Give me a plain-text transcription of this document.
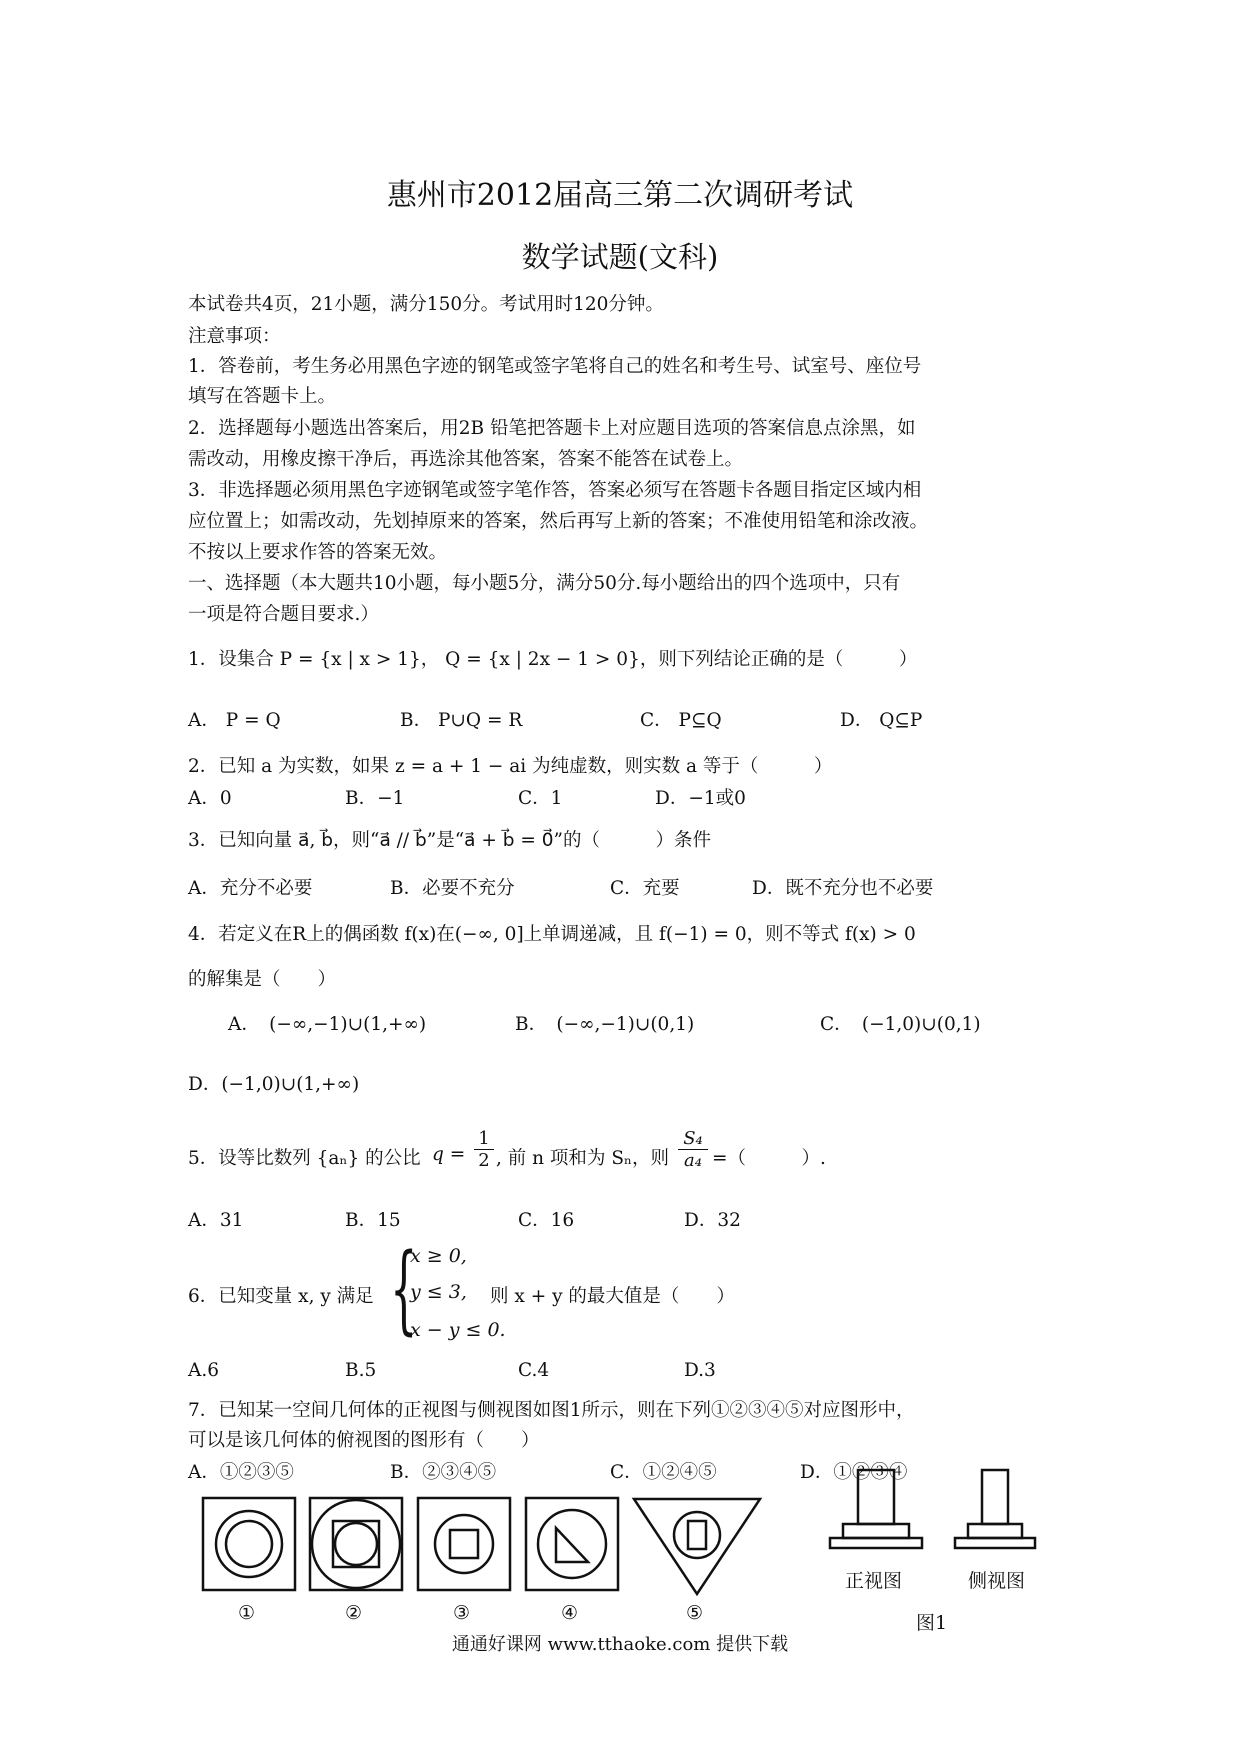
惠州市2012届高三第二次调研考试
数学试题(文科)
本试卷共4页，21小题，满分150分。考试用时120分钟。
注意事项：
1．答卷前，考生务必用黑色字迹的钢笔或签字笔将自己的姓名和考生号、试室号、座位号
填写在答题卡上。
2．选择题每小题选出答案后，用2B 铅笔把答题卡上对应题目选项的答案信息点涂黑，如
需改动，用橡皮擦干净后，再选涂其他答案，答案不能答在试卷上。
3．非选择题必须用黑色字迹钢笔或签字笔作答，答案必须写在答题卡各题目指定区域内相
应位置上；如需改动，先划掉原来的答案，然后再写上新的答案；不准使用铅笔和涂改液。
不按以上要求作答的答案无效。
一、选择题（本大题共10小题，每小题5分，满分50分.每小题给出的四个选项中，只有
一项是符合题目要求.）
1．设集合 P = {x | x > 1}， Q = {x | 2x − 1 > 0}，则下列结论正确的是（　　　）
A． P = Q	B． P∪Q = R	C． P⊆Q	D． Q⊆P
2．已知 a 为实数，如果 z = a + 1 − ai 为纯虚数，则实数 a 等于（　　　）
A．0	B．−1	C．1	D．−1或0
3．已知向量 a⃗, b⃗，则“a⃗ // b⃗”是“a⃗ + b⃗ = 0⃗”的（　　　）条件
A．充分不必要	B．必要不充分	C．充要	D．既不充分也不必要
4．若定义在R上的偶函数 f(x)在(−∞, 0]上单调递减，且 f(−1) = 0，则不等式 f(x) > 0
的解集是（　　）
A．　(−∞,−1)∪(1,+∞)	B．　(−∞,−1)∪(0,1)	C．　(−1,0)∪(0,1)
D．(−1,0)∪(1,+∞)
5．设等比数列 {aₙ} 的公比 $q = \frac{1}{2}$ , 前 n 项和为 Sₙ，则 $\frac{\text{S₄}}{\text{a₄}}$ =（　　　）.
A．31	B．15	C．16	D．32
6．已知变量 x, y 满足 {
x ≥ 0,
y ≤ 3,
x − y ≤ 0.
则 x + y 的最大值是（　　）
A.6	B.5	C.4	D.3
7．已知某一空间几何体的正视图与侧视图如图1所示，则在下列①②③④⑤对应图形中，
可以是该几何体的俯视图的图形有（　　）
A．①②③⑤	B．②③④⑤	C．①②④⑤	D．①②③④
①	②	③	④	⑤
正视图	侧视图
图1
通通好课网 www.tthaoke.com 提供下载
